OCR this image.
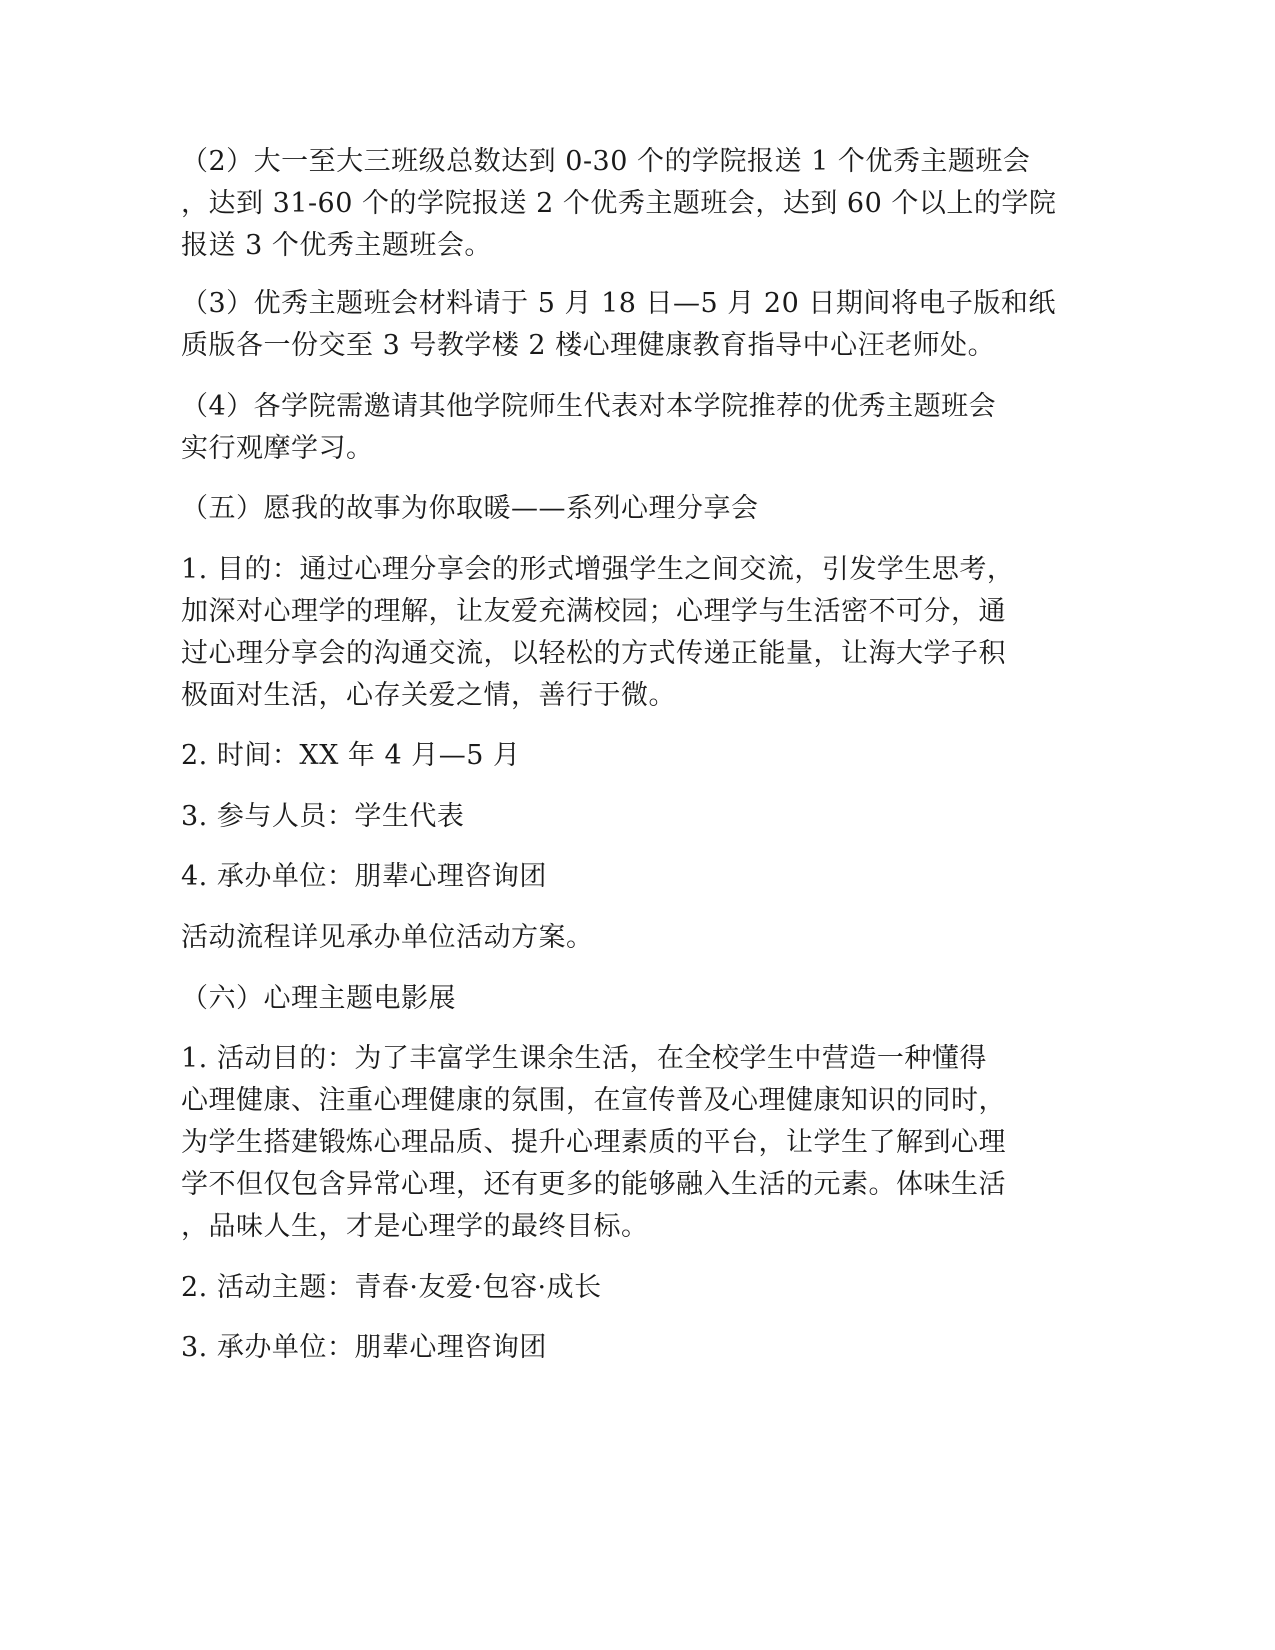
（2）大一至大三班级总数达到 0-30 个的学院报送 1 个优秀主题班会
，达到 31-60 个的学院报送 2 个优秀主题班会，达到 60 个以上的学院
报送 3 个优秀主题班会。
（3）优秀主题班会材料请于 5 月 18 日—5 月 20 日期间将电子版和纸
质版各一份交至 3 号教学楼 2 楼心理健康教育指导中心汪老师处。
（4）各学院需邀请其他学院师生代表对本学院推荐的优秀主题班会
实行观摩学习。
（五）愿我的故事为你取暖——系列心理分享会
1. 目的：通过心理分享会的形式增强学生之间交流，引发学生思考，
加深对心理学的理解，让友爱充满校园；心理学与生活密不可分，通
过心理分享会的沟通交流，以轻松的方式传递正能量，让海大学子积
极面对生活，心存关爱之情，善行于微。
2. 时间：XX 年 4 月—5 月
3. 参与人员：学生代表
4. 承办单位：朋辈心理咨询团
活动流程详见承办单位活动方案。
（六）心理主题电影展
1. 活动目的：为了丰富学生课余生活，在全校学生中营造一种懂得
心理健康、注重心理健康的氛围，在宣传普及心理健康知识的同时，
为学生搭建锻炼心理品质、提升心理素质的平台，让学生了解到心理
学不但仅包含异常心理，还有更多的能够融入生活的元素。体味生活
，品味人生，才是心理学的最终目标。
2. 活动主题：青春·友爱·包容·成长
3. 承办单位：朋辈心理咨询团
